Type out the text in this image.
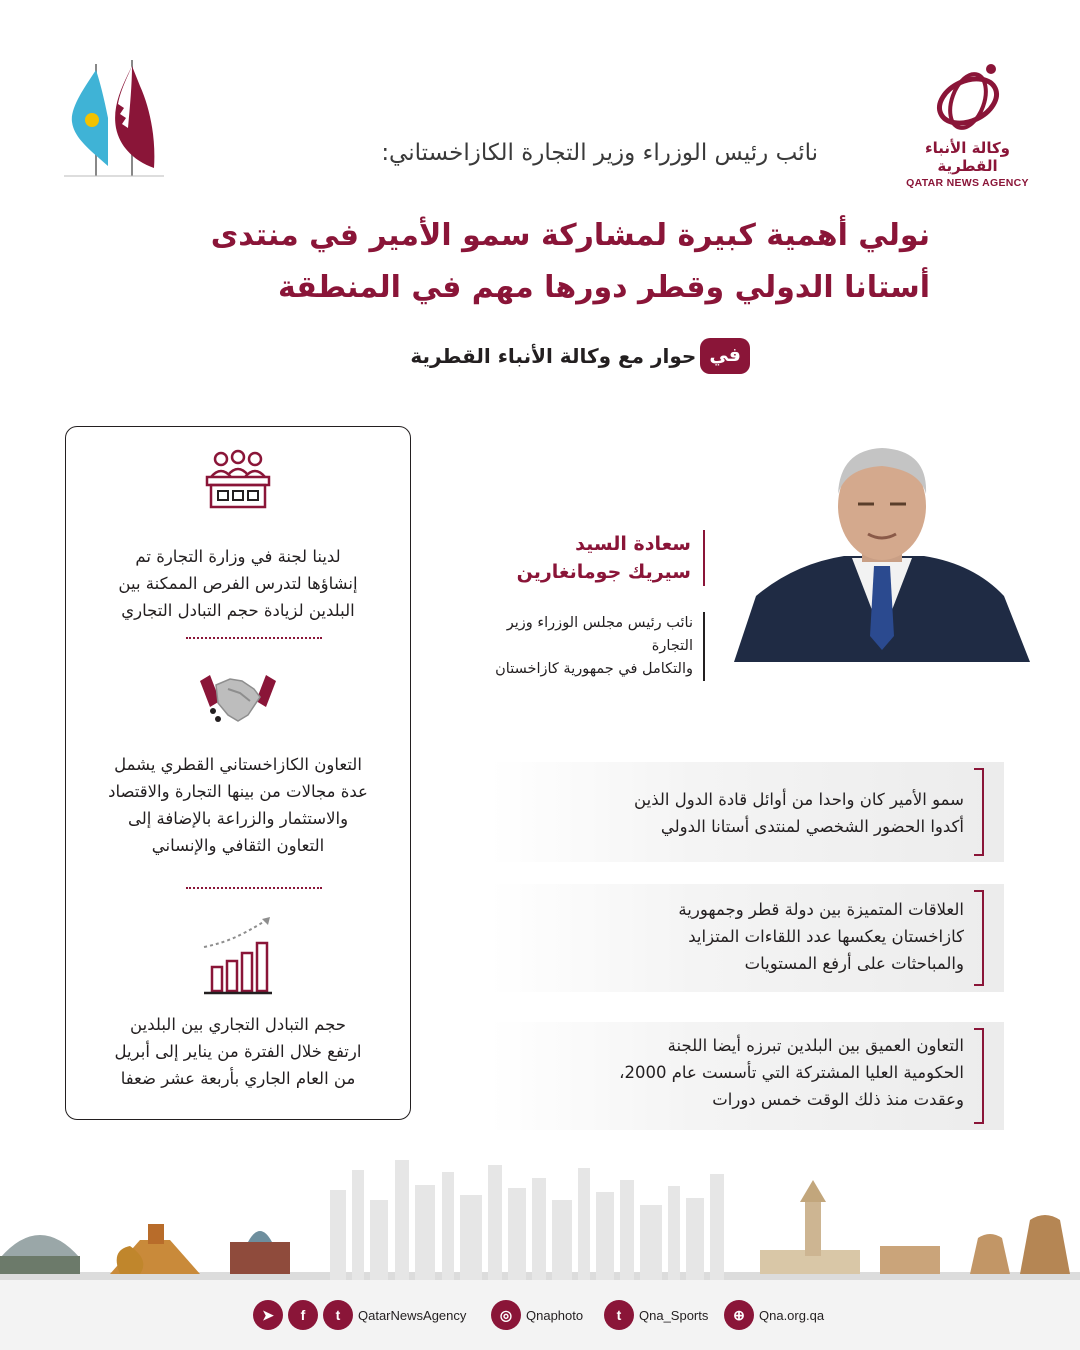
وكالة الأنباء القطرية
QATAR NEWS AGENCY
نائب رئيس الوزراء وزير التجارة الكازاخستاني:
نولي أهمية كبيرة لمشاركة سمو الأمير في منتدى
أستانا الدولي وقطر دورها مهم في المنطقة
في
حوار مع وكالة الأنباء القطرية
لدينا لجنة في وزارة التجارة تم
إنشاؤها لتدرس الفرص الممكنة بين
البلدين لزيادة حجم التبادل التجاري
التعاون الكازاخستاني القطري يشمل
عدة مجالات من بينها التجارة والاقتصاد
والاستثمار والزراعة بالإضافة إلى
التعاون الثقافي والإنساني
حجم التبادل التجاري بين البلدين
ارتفع خلال الفترة من يناير إلى أبريل
من العام الجاري بأربعة عشر ضعفا
سعادة السيد
سيريك جومانغارين
نائب رئيس مجلس الوزراء وزير التجارة
والتكامل في جمهورية كازاخستان
سمو الأمير كان واحدا من أوائل قادة الدول الذين
أكدوا الحضور الشخصي لمنتدى أستانا الدولي
العلاقات المتميزة بين دولة قطر وجمهورية
كازاخستان يعكسها عدد اللقاءات المتزايد
والمباحثات على أرفع المستويات
التعاون العميق بين البلدين تبرزه أيضا اللجنة
الحكومية العليا المشتركة التي تأسست عام 2000،
وعقدت منذ ذلك الوقت خمس دورات
➤	f	t	QatarNewsAgency	◎	Qnaphoto	t	Qna_Sports	⊕	Qna.org.qa
